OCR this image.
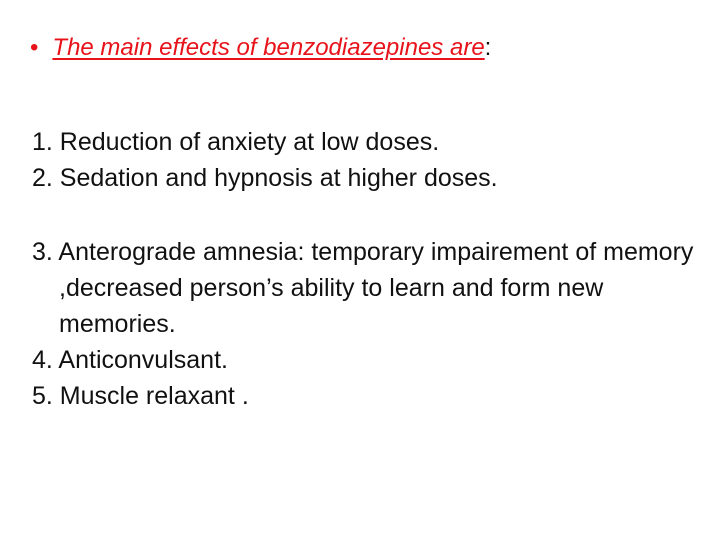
• The main effects of benzodiazepines are:

1. Reduction of anxiety at low doses.

2. Sedation and hypnosis at higher doses.

3. Anterograde amnesia: temporary impairement of memory ,decreased person’s ability to learn and form new memories.

4. Anticonvulsant.

5. Muscle relaxant .
